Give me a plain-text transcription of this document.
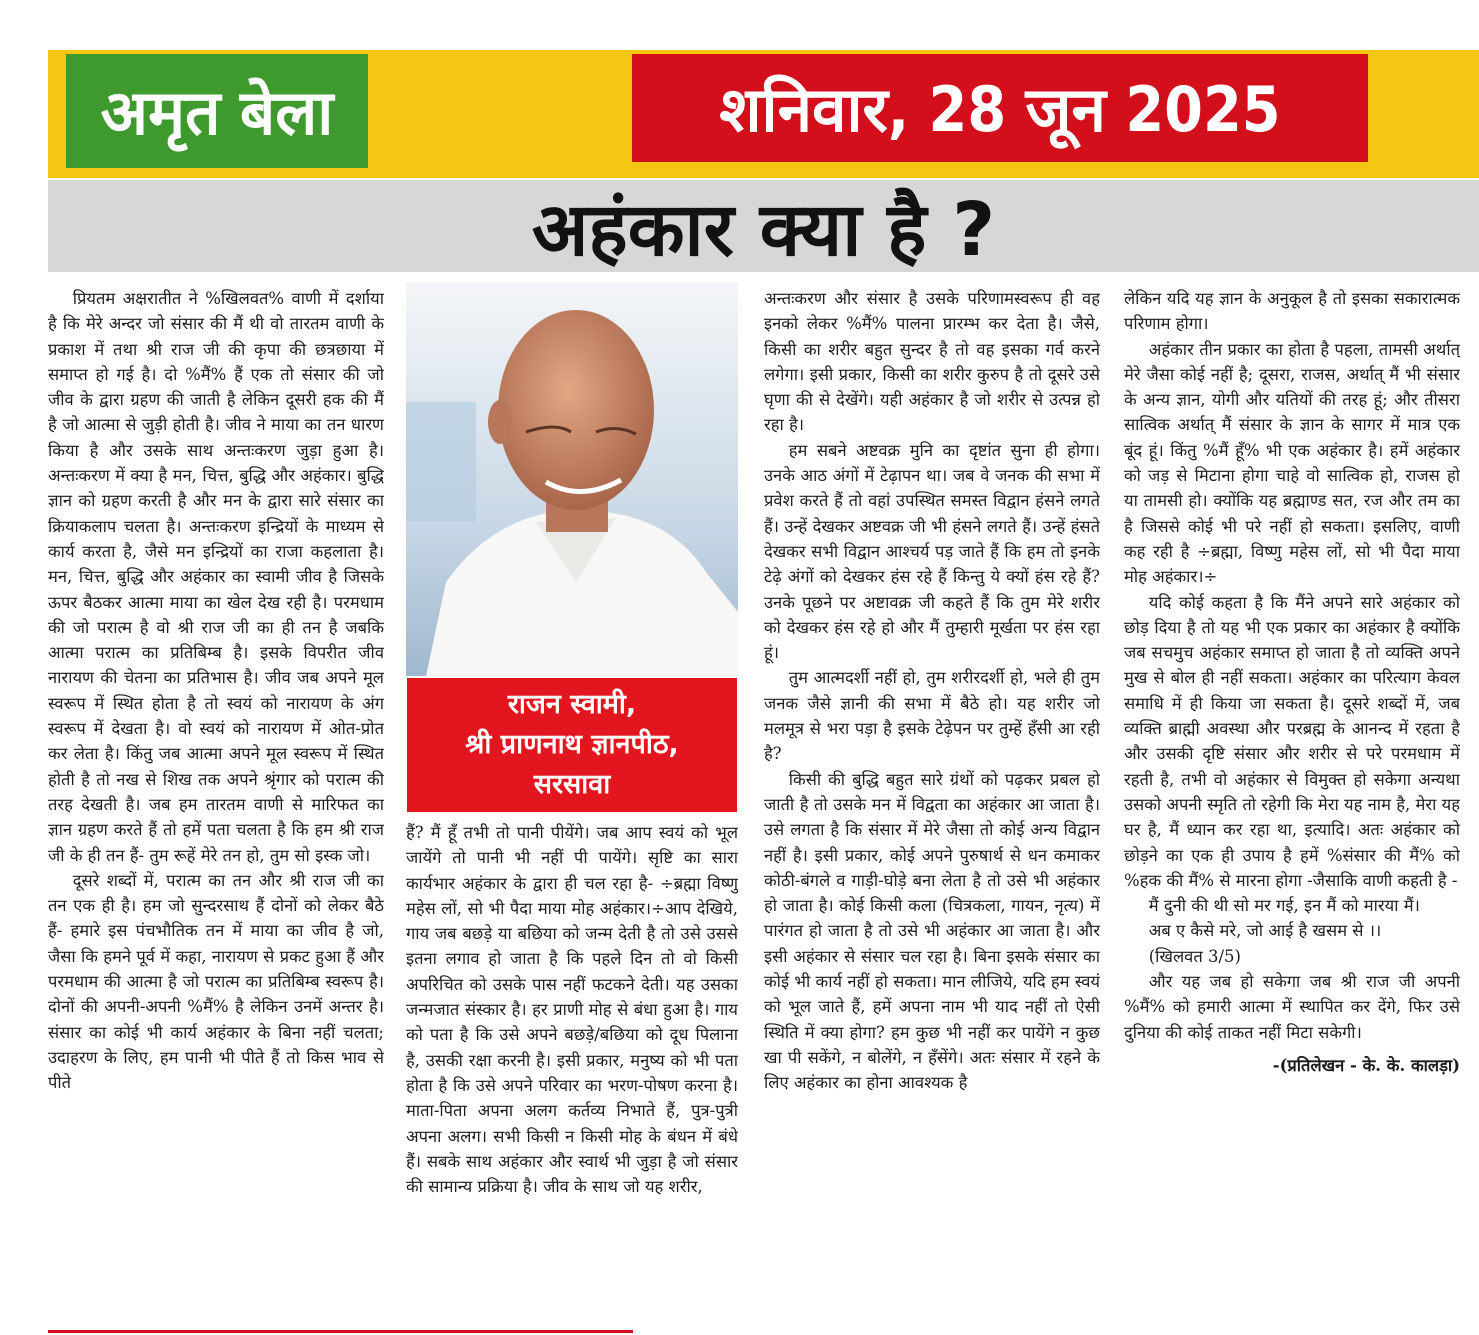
अमृत बेला	शनिवार, 28 जून 2025
अहंकार क्या है ?

प्रियतम अक्षरातीत ने %खिलवत% वाणी में दर्शाया है कि मेरे अन्दर जो संसार की मैं थी वो तारतम वाणी के प्रकाश में तथा श्री राज जी की कृपा की छत्रछाया में समाप्त हो गई है। दो %मैं% हैं एक तो संसार की जो जीव के द्वारा ग्रहण की जाती है लेकिन दूसरी हक की मैं है जो आत्मा से जुड़ी होती है। जीव ने माया का तन धारण किया है और उसके साथ अन्तःकरण जुड़ा हुआ है। अन्तःकरण में क्या है मन, चित्त, बुद्धि और अहंकार। बुद्धि ज्ञान को ग्रहण करती है और मन के द्वारा सारे संसार का क्रियाकलाप चलता है। अन्तःकरण इन्द्रियों के माध्यम से कार्य करता है, जैसे मन इन्द्रियों का राजा कहलाता है। मन, चित्त, बुद्धि और अहंकार का स्वामी जीव है जिसके ऊपर बैठकर आत्मा माया का खेल देख रही है। परमधाम की जो परात्म है वो श्री राज जी का ही तन है जबकि आत्मा परात्म का प्रतिबिम्ब है। इसके विपरीत जीव नारायण की चेतना का प्रतिभास है। जीव जब अपने मूल स्वरूप में स्थित होता है तो स्वयं को नारायण के अंग स्वरूप में देखता है। वो स्वयं को नारायण में ओत-प्रोत कर लेता है। किंतु जब आत्मा अपने मूल स्वरूप में स्थित होती है तो नख से शिख तक अपने श्रृंगार को परात्म की तरह देखती है। जब हम तारतम वाणी से मारिफत का ज्ञान ग्रहण करते हैं तो हमें पता चलता है कि हम श्री राज जी के ही तन हैं- तुम रूहें मेरे तन हो, तुम सो इस्क जो।

दूसरे शब्दों में, परात्म का तन और श्री राज जी का तन एक ही है। हम जो सुन्दरसाथ हैं दोनों को लेकर बैठे हैं- हमारे इस पंचभौतिक तन में माया का जीव है जो, जैसा कि हमने पूर्व में कहा, नारायण से प्रकट हुआ हैं और परमधाम की आत्मा है जो परात्म का प्रतिबिम्ब स्वरूप है। दोनों की अपनी-अपनी %मैं% है लेकिन उनमें अन्तर है। संसार का कोई भी कार्य अहंकार के बिना नहीं चलता; उदाहरण के लिए, हम पानी भी पीते हैं तो किस भाव से पीते

राजन स्वामी,
श्री प्राणनाथ ज्ञानपीठ,
सरसावा

हैं? मैं हूँ तभी तो पानी पीयेंगे। जब आप स्वयं को भूल जायेंगे तो पानी भी नहीं पी पायेंगे। सृष्टि का सारा कार्यभार अहंकार के द्वारा ही चल रहा है- ÷ब्रह्मा विष्णु महेस लों, सो भी पैदा माया मोह अहंकार।÷आप देखिये, गाय जब बछड़े या बछिया को जन्म देती है तो उसे उससे इतना लगाव हो जाता है कि पहले दिन तो वो किसी अपरिचित को उसके पास नहीं फटकने देती। यह उसका जन्मजात संस्कार है। हर प्राणी मोह से बंधा हुआ है। गाय को पता है कि उसे अपने बछड़े/बछिया को दूध पिलाना है, उसकी रक्षा करनी है। इसी प्रकार, मनुष्य को भी पता होता है कि उसे अपने परिवार का भरण-पोषण करना है। माता-पिता अपना अलग कर्तव्य निभाते हैं, पुत्र-पुत्री अपना अलग। सभी किसी न किसी मोह के बंधन में बंधे हैं। सबके साथ अहंकार और स्वार्थ भी जुड़ा है जो संसार की सामान्य प्रक्रिया है। जीव के साथ जो यह शरीर,

अन्तःकरण और संसार है उसके परिणामस्वरूप ही वह इनको लेकर %मैं% पालना प्रारम्भ कर देता है। जैसे, किसी का शरीर बहुत सुन्दर है तो वह इसका गर्व करने लगेगा। इसी प्रकार, किसी का शरीर कुरुप है तो दूसरे उसे घृणा की से देखेंगे। यही अहंकार है जो शरीर से उत्पन्न हो रहा है।

हम सबने अष्टवक्र मुनि का दृष्टांत सुना ही होगा। उनके आठ अंगों में टेढ़ापन था। जब वे जनक की सभा में प्रवेश करते हैं तो वहां उपस्थित समस्त विद्वान हंसने लगते हैं। उन्हें देखकर अष्टवक्र जी भी हंसने लगते हैं। उन्हें हंसते देखकर सभी विद्वान आश्चर्य पड़ जाते हैं कि हम तो इनके टेढ़े अंगों को देखकर हंस रहे हैं किन्तु ये क्यों हंस रहे हैं? उनके पूछने पर अष्टावक्र जी कहते हैं कि तुम मेरे शरीर को देखकर हंस रहे हो और मैं तुम्हारी मूर्खता पर हंस रहा हूं।

तुम आत्मदर्शी नहीं हो, तुम शरीरदर्शी हो, भले ही तुम जनक जैसे ज्ञानी की सभा में बैठे हो। यह शरीर जो मलमूत्र से भरा पड़ा है इसके टेढ़ेपन पर तुम्हें हँसी आ रही है?

किसी की बुद्धि बहुत सारे ग्रंथों को पढ़कर प्रबल हो जाती है तो उसके मन में विद्वता का अहंकार आ जाता है। उसे लगता है कि संसार में मेरे जैसा तो कोई अन्य विद्वान नहीं है। इसी प्रकार, कोई अपने पुरुषार्थ से धन कमाकर कोठी-बंगले व गाड़ी-घोड़े बना लेता है तो उसे भी अहंकार हो जाता है। कोई किसी कला (चित्रकला, गायन, नृत्य) में पारंगत हो जाता है तो उसे भी अहंकार आ जाता है। और इसी अहंकार से संसार चल रहा है। बिना इसके संसार का कोई भी कार्य नहीं हो सकता। मान लीजिये, यदि हम स्वयं को भूल जाते हैं, हमें अपना नाम भी याद नहीं तो ऐसी स्थिति में क्या होगा? हम कुछ भी नहीं कर पायेंगे न कुछ खा पी सकेंगे, न बोलेंगे, न हँसेंगे। अतः संसार में रहने के लिए अहंकार का होना आवश्यक है

लेकिन यदि यह ज्ञान के अनुकूल है तो इसका सकारात्मक परिणाम होगा।

अहंकार तीन प्रकार का होता है पहला, तामसी अर्थात् मेरे जैसा कोई नहीं है; दूसरा, राजस, अर्थात् मैं भी संसार के अन्य ज्ञान, योगी और यतियों की तरह हूं; और तीसरा सात्विक अर्थात् मैं संसार के ज्ञान के सागर में मात्र एक बूंद हूं। किंतु %मैं हूँ% भी एक अहंकार है। हमें अहंकार को जड़ से मिटाना होगा चाहे वो सात्विक हो, राजस हो या तामसी हो। क्योंकि यह ब्रह्माण्ड सत, रज और तम का है जिससे कोई भी परे नहीं हो सकता। इसलिए, वाणी कह रही है ÷ब्रह्मा, विष्णु महेस लों, सो भी पैदा माया मोह अहंकार।÷

यदि कोई कहता है कि मैंने अपने सारे अहंकार को छोड़ दिया है तो यह भी एक प्रकार का अहंकार है क्योंकि जब सचमुच अहंकार समाप्त हो जाता है तो व्यक्ति अपने मुख से बोल ही नहीं सकता। अहंकार का परित्याग केवल समाधि में ही किया जा सकता है। दूसरे शब्दों में, जब व्यक्ति ब्राह्मी अवस्था और परब्रह्म के आनन्द में रहता है और उसकी दृष्टि संसार और शरीर से परे परमधाम में रहती है, तभी वो अहंकार से विमुक्त हो सकेगा अन्यथा उसको अपनी स्मृति तो रहेगी कि मेरा यह नाम है, मेरा यह घर है, मैं ध्यान कर रहा था, इत्यादि। अतः अहंकार को छोड़ने का एक ही उपाय है हमें %संसार की मैं% को %हक की मैं% से मारना होगा -जैसाकि वाणी कहती है -

मैं दुनी की थी सो मर गई, इन मैं को मारया मैं।

अब ए कैसे मरे, जो आई है खसम से ।।

(खिलवत 3/5)

और यह जब हो सकेगा जब श्री राज जी अपनी %मैं% को हमारी आत्मा में स्थापित कर देंगे, फिर उसे दुनिया की कोई ताकत नहीं मिटा सकेगी।

-(प्रतिलेखन - के. के. कालड़ा)
